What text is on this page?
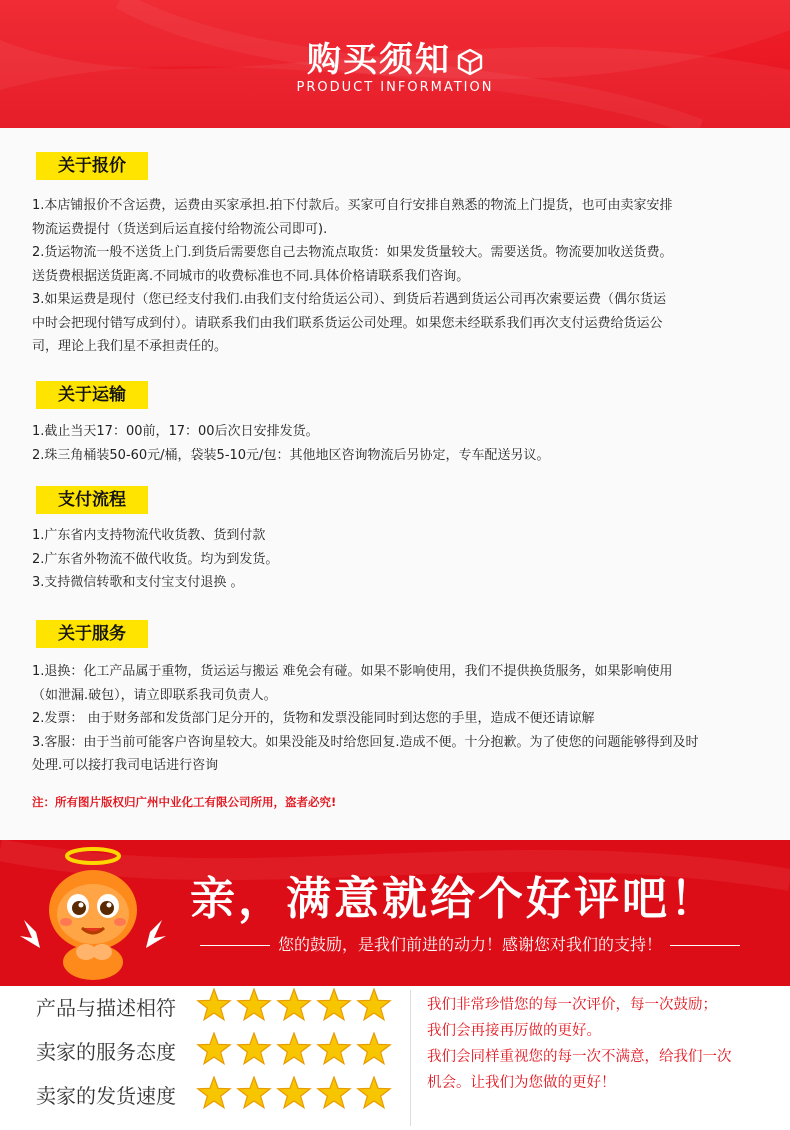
购买须知
PRODUCT INFORMATION
关于报价

1.本店铺报价不含运费，运费由买家承担.拍下付款后。买家可自行安排自熟悉的物流上门提货，也可由卖家安排

物流运费提付（货送到后运直接付给物流公司即可).

2.货运物流一般不送货上门.到货后需要您自己去物流点取货：如果发货量较大。需要送货。物流要加收送货费。

送货费根据送货距离.不同城市的收费标准也不同.具体价格请联系我们咨询。

3.如果运费是现付（您已经支付我们.由我们支付给货运公司）、到货后若遇到货运公司再次索要运费（偶尔货运

中时会把现付错写成到付）。请联系我们由我们联系货运公司处理。如果您未经联系我们再次支付运费给货运公

司，理论上我们星不承担责任的。

关于运输

1.截止当天17：00前，17：00后次日安排发货。

2.珠三角桶装50-60元/桶，袋装5-10元/包：其他地区咨询物流后另协定，专车配送另议。

支付流程

1.广东省内支持物流代收货教、货到付款

2.广东省外物流不做代收货。均为到发货。

3.支持微信转歌和支付宝支付退换 。

关于服务

1.退换：化工产品属于重物，货运运与搬运 难免会有碰。如果不影响使用，我们不提供换货服务，如果影响使用

（如泄漏.破包），请立即联系我司负责人。

2.发票： 由于财务部和发货部门足分开的，货物和发票没能同时到达您的手里，造成不便还请谅解

3.客服：由于当前可能客户咨询星较大。如果没能及时给您回复.造成不便。十分抱歉。为了使您的问题能够得到及时

处理.可以接打我司电话进行咨询

注：所有图片版权归广州中业化工有限公司所用，盗者必究!
亲，满意就给个好评吧！
您的鼓励，是我们前进的动力！感谢您对我们的支持！
产品与描述相符
卖家的服务态度
卖家的发货速度

我们非常珍惜您的每一次评价，每一次鼓励；

我们会再接再厉做的更好。

我们会同样重视您的每一次不满意，给我们一次

机会。让我们为您做的更好！
